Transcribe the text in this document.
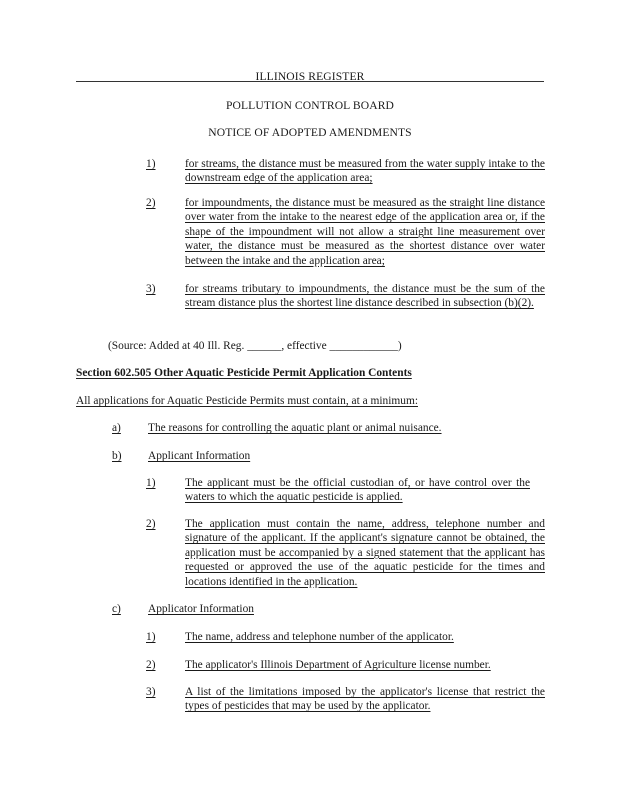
ILLINOIS REGISTER
POLLUTION CONTROL BOARD
NOTICE OF ADOPTED AMENDMENTS
1)	for streams, the distance must be measured from the water supply intake to the downstream edge of the application area;
2)	for impoundments, the distance must be measured as the straight line distance over water from the intake to the nearest edge of the application area or, if the shape of the impoundment will not allow a straight line measurement over water, the distance must be measured as the shortest distance over water between the intake and the application area;
3)	for streams tributary to impoundments, the distance must be the sum of the stream distance plus the shortest line distance described in subsection (b)(2).
(Source: Added at 40 Ill. Reg. ______, effective ____________)
Section 602.505 Other Aquatic Pesticide Permit Application Contents
All applications for Aquatic Pesticide Permits must contain, at a minimum:
a) The reasons for controlling the aquatic plant or animal nuisance.
b) Applicant Information
1)	The applicant must be the official custodian of, or have control over the waters to which the aquatic pesticide is applied.
2)	The application must contain the name, address, telephone number and signature of the applicant. If the applicant's signature cannot be obtained, the application must be accompanied by a signed statement that the applicant has requested or approved the use of the aquatic pesticide for the times and locations identified in the application.
c) Applicator Information
1)	The name, address and telephone number of the applicator.
2)	The applicator's Illinois Department of Agriculture license number.
3)	A list of the limitations imposed by the applicator's license that restrict the types of pesticides that may be used by the applicator.
